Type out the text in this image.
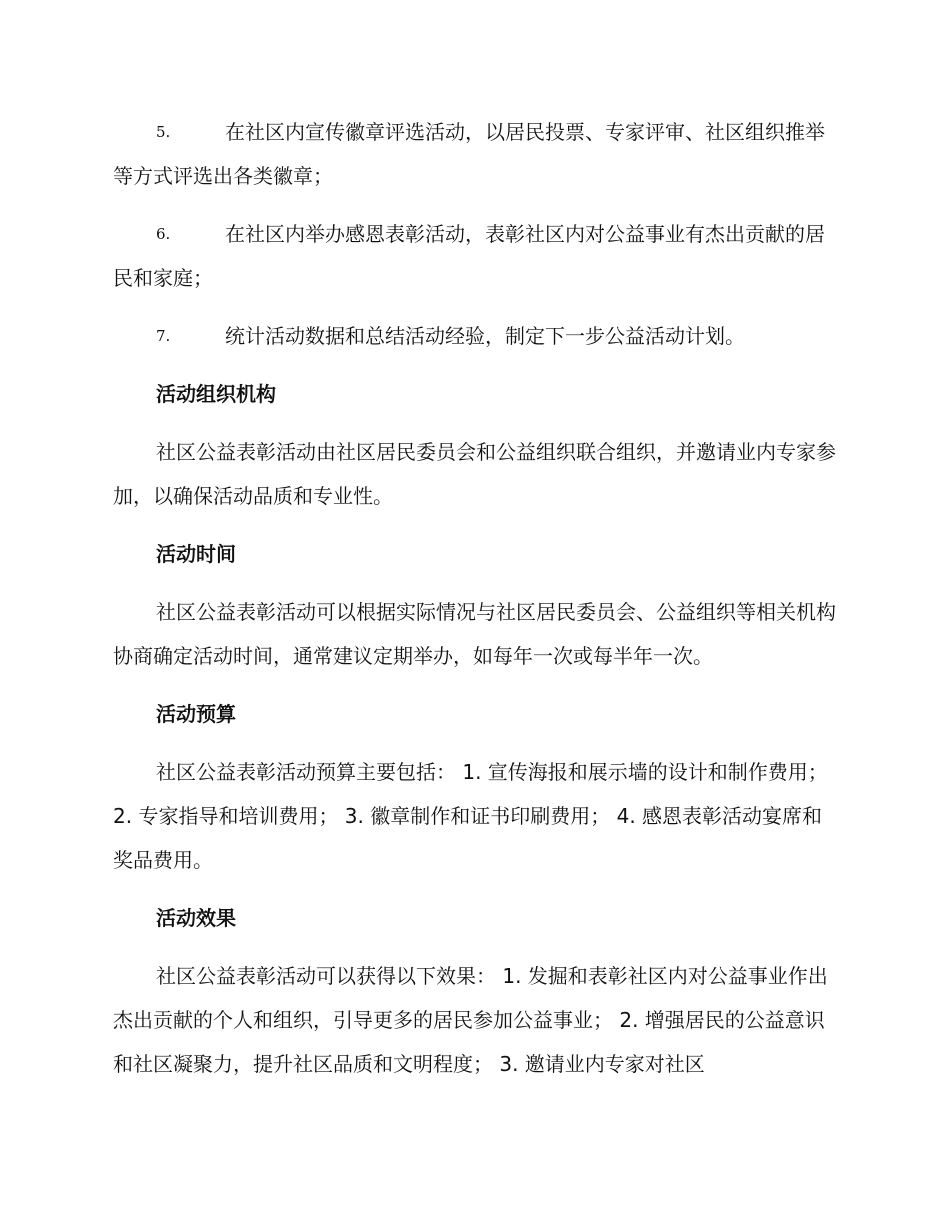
5.	在社区内宣传徽章评选活动，以居民投票、专家评审、社区组织推举等方式评选出各类徽章；
6.	在社区内举办感恩表彰活动，表彰社区内对公益事业有杰出贡献的居民和家庭；
7.	统计活动数据和总结活动经验，制定下一步公益活动计划。
活动组织机构
社区公益表彰活动由社区居民委员会和公益组织联合组织，并邀请业内专家参加，以确保活动品质和专业性。
活动时间
社区公益表彰活动可以根据实际情况与社区居民委员会、公益组织等相关机构协商确定活动时间，通常建议定期举办，如每年一次或每半年一次。
活动预算
社区公益表彰活动预算主要包括： 1. 宣传海报和展示墙的设计和制作费用； 2. 专家指导和培训费用； 3. 徽章制作和证书印刷费用； 4. 感恩表彰活动宴席和奖品费用。
活动效果
社区公益表彰活动可以获得以下效果： 1. 发掘和表彰社区内对公益事业作出杰出贡献的个人和组织，引导更多的居民参加公益事业； 2. 增强居民的公益意识和社区凝聚力，提升社区品质和文明程度； 3. 邀请业内专家对社区
